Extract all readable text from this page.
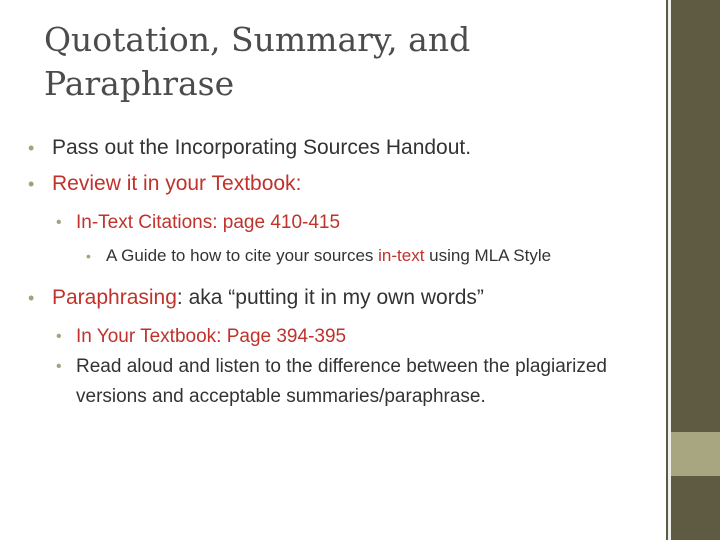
Quotation, Summary, and
Paraphrase
• Pass out the Incorporating Sources Handout.
• Review it in your Textbook:
• In-Text Citations: page 410-415
• A Guide to how to cite your sources in-text using MLA Style
• Paraphrasing: aka “putting it in my own words”
• In Your Textbook: Page 394-395
• Read aloud and listen to the difference between the plagiarized versions and acceptable summaries/paraphrase.
